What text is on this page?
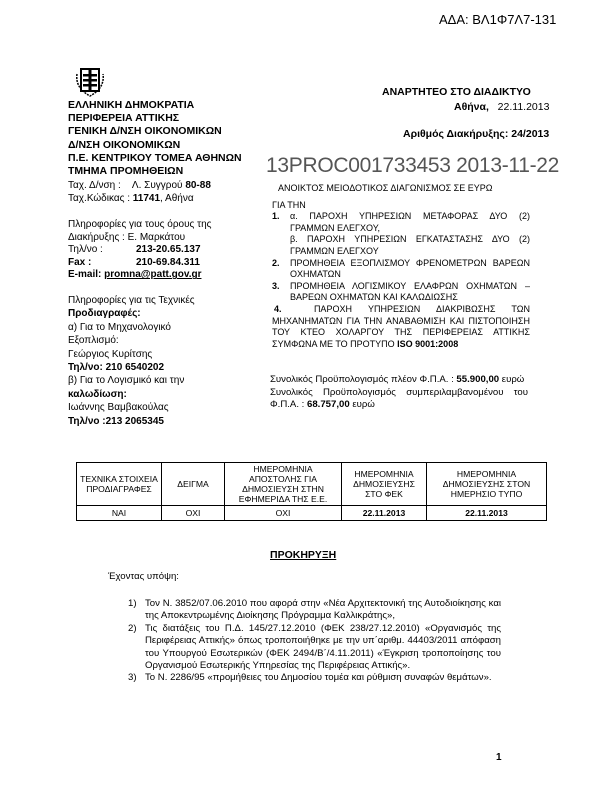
ΑΔΑ: ΒΛ1Φ7Λ7-131
ΕΛΛΗΝΙΚΗ ΔΗΜΟΚΡΑΤΙΑ
ΠΕΡΙΦΕΡΕΙΑ ΑΤΤΙΚΗΣ
ΓΕΝΙΚΗ Δ/ΝΣΗ ΟΙΚΟΝΟΜΙΚΩΝ
Δ/ΝΣΗ ΟΙΚΟΝΟΜΙΚΩΝ
Π.Ε. ΚΕΝΤΡΙΚΟΥ ΤΟΜΕΑ ΑΘΗΝΩΝ
ΤΜΗΜΑ ΠΡΟΜΗΘΕΙΩΝ
Ταχ. Δ/νση : Λ. Συγγρού 80-88
Ταχ.Κώδικας : 11741, Αθήνα
Πληροφορίες για τους όρους της
Διακήρυξης : Ε. Μαρκάτου
Τηλ/νο :	213-20.65.137
Fax :	210-69.84.311
E-mail: promna@patt.gov.gr
Πληροφορίες για τις Τεχνικές
Προδιαγραφές:
α) Για το Μηχανολογικό
Εξοπλισμό:
Γεώργιος Κυρίτσης
Τηλ/νο: 210 6540202
β) Για το Λογισμικό και την
καλωδίωση:
Ιωάννης Βαμβακούλας
Τηλ/νο :213 2065345
ΑΝΑΡΤΗΤΕΟ ΣΤΟ ΔΙΑΔΙΚΤΥΟ
Αθήνα, 22.11.2013
Αριθμός Διακήρυξης: 24/2013
13PROC001733453 2013-11-22
ΑΝΟΙΚΤΟΣ ΜΕΙΟΔΟΤΙΚΟΣ ΔΙΑΓΩΝΙΣΜΟΣ ΣΕ ΕΥΡΩ
ΓΙΑ ΤΗΝ
1. α. ΠΑΡΟΧΗ ΥΠΗΡΕΣΙΩΝ ΜΕΤΑΦΟΡΑΣ ΔΥΟ (2) ΓΡΑΜΜΩΝ ΕΛΕΓΧΟΥ,
β. ΠΑΡΟΧΗ ΥΠΗΡΕΣΙΩΝ ΕΓΚΑΤΑΣΤΑΣΗΣ ΔΥΟ (2) ΓΡΑΜΜΩΝ ΕΛΕΓΧΟΥ
2. ΠΡΟΜΗΘΕΙΑ ΕΞΟΠΛΙΣΜΟΥ ΦΡΕΝΟΜΕΤΡΩΝ ΒΑΡΕΩΝ ΟΧΗΜΑΤΩΝ
3. ΠΡΟΜΗΘΕΙΑ ΛΟΓΙΣΜΙΚΟΥ ΕΛΑΦΡΩΝ ΟΧΗΜΑΤΩΝ – ΒΑΡΕΩΝ ΟΧΗΜΑΤΩΝ ΚΑΙ ΚΑΛΩΔΙΩΣΗΣ
4.	ΠΑΡΟΧΗ ΥΠΗΡΕΣΙΩΝ ΔΙΑΚΡΙΒΩΣΗΣ ΤΩΝ ΜΗΧΑΝΗΜΑΤΩΝ ΓΙΑ ΤΗΝ ΑΝΑΒΑΘΜΙΣΗ ΚΑΙ ΠΙΣΤΟΠΟΙΗΣΗ ΤΟΥ ΚΤΕΟ ΧΟΛΑΡΓΟΥ ΤΗΣ ΠΕΡΙΦΕΡΕΙΑΣ ΑΤΤΙΚΗΣ ΣΥΜΦΩΝΑ ΜΕ ΤΟ ΠΡΟΤΥΠΟ ISO 9001:2008
Συνολικός Προϋπολογισμός πλέον Φ.Π.Α. : 55.900,00 ευρώ
Συνολικός Προϋπολογισμός συμπεριλαμβανομένου του Φ.Π.Α. : 68.757,00 ευρώ
ΤΕΧΝΙΚΑ ΣΤΟΙΧΕΙΑ ΠΡΟΔΙΑΓΡΑΦΕΣ	ΔΕΙΓΜΑ	ΗΜΕΡΟΜΗΝΙΑ ΑΠΟΣΤΟΛΗΣ ΓΙΑ ΔΗΜΟΣΙΕΥΣΗ ΣΤΗΝ ΕΦΗΜΕΡΙΔΑ ΤΗΣ Ε.Ε.	ΗΜΕΡΟΜΗΝΙΑ ΔΗΜΟΣΙΕΥΣΗΣ ΣΤΟ ΦΕΚ	ΗΜΕΡΟΜΗΝΙΑ ΔΗΜΟΣΙΕΥΣΗΣ ΣΤΟΝ ΗΜΕΡΗΣΙΟ ΤΥΠΟ
ΝΑΙ	ΟΧΙ	ΟΧΙ	22.11.2013	22.11.2013
ΠΡΟΚΗΡΥΞΗ
Έχοντας υπόψη:
1) Τον Ν. 3852/07.06.2010 που αφορά στην «Νέα Αρχιτεκτονική της Αυτοδιοίκησης και της Αποκεντρωμένης Διοίκησης Πρόγραμμα Καλλικράτης»,
2) Τις διατάξεις του Π.Δ. 145/27.12.2010 (ΦΕΚ 238/27.12.2010) «Οργανισμός της Περιφέρειας Αττικής» όπως τροποποιήθηκε με την υπ΄αριθμ. 44403/2011 απόφαση του Υπουργού Εσωτερικών (ΦΕΚ 2494/Β΄/4.11.2011) «Έγκριση τροποποίησης του Οργανισμού Εσωτερικής Υπηρεσίας της Περιφέρειας Αττικής».
3) Το Ν. 2286/95 «προμήθειες του Δημοσίου τομέα και ρύθμιση συναφών θεμάτων».
1
